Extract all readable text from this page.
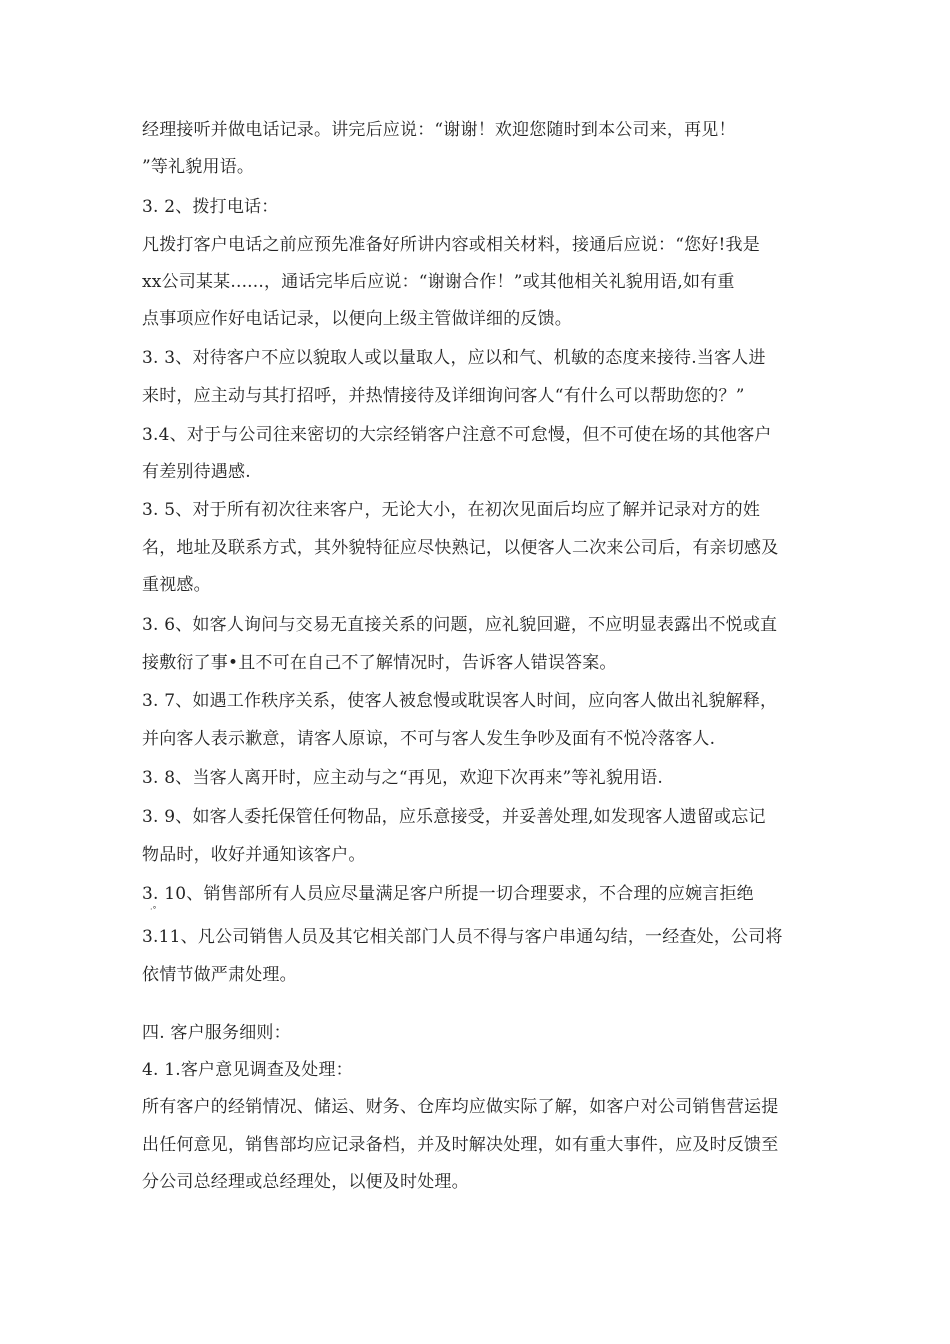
经理接听并做电话记录。讲完后应说：“谢谢！欢迎您随时到本公司来，再见！
”等礼貌用语。
3. 2、拨打电话：
凡拨打客户电话之前应预先准备好所讲内容或相关材料，接通后应说：“您好!我是
xx公司某某......，通话完毕后应说：“谢谢合作！”或其他相关礼貌用语,如有重
点事项应作好电话记录，以便向上级主管做详细的反馈。
3. 3、对待客户不应以貌取人或以量取人，应以和气、机敏的态度来接待.当客人进
来时，应主动与其打招呼，并热情接待及详细询问客人“有什么可以帮助您的？”
3.4、对于与公司往来密切的大宗经销客户注意不可怠慢，但不可使在场的其他客户
有差别待遇感.
3. 5、对于所有初次往来客户，无论大小，在初次见面后均应了解并记录对方的姓
名，地址及联系方式，其外貌特征应尽快熟记，以便客人二次来公司后，有亲切感及
重视感。
3. 6、如客人询问与交易无直接关系的问题，应礼貌回避，不应明显表露出不悦或直
接敷衍了事•且不可在自己不了解情况时，告诉客人错误答案。
3. 7、如遇工作秩序关系，使客人被怠慢或耽误客人时间，应向客人做出礼貌解释，
并向客人表示歉意，请客人原谅，不可与客人发生争吵及面有不悦冷落客人.
3. 8、当客人离开时，应主动与之“再见，欢迎下次再来”等礼貌用语.
3. 9、如客人委托保管任何物品，应乐意接受，并妥善处理,如发现客人遗留或忘记
物品时，收好并通知该客户。
3. 10、销售部所有人员应尽量满足客户所提一切合理要求，不合理的应婉言拒绝
·°
3.11、凡公司销售人员及其它相关部门人员不得与客户串通勾结，一经查处，公司将
依情节做严肃处理。
四. 客户服务细则：
4. 1.客户意见调查及处理：
所有客户的经销情况、储运、财务、仓库均应做实际了解，如客户对公司销售营运提
出任何意见，销售部均应记录备档，并及时解决处理，如有重大事件，应及时反馈至
分公司总经理或总经理处，以便及时处理。
